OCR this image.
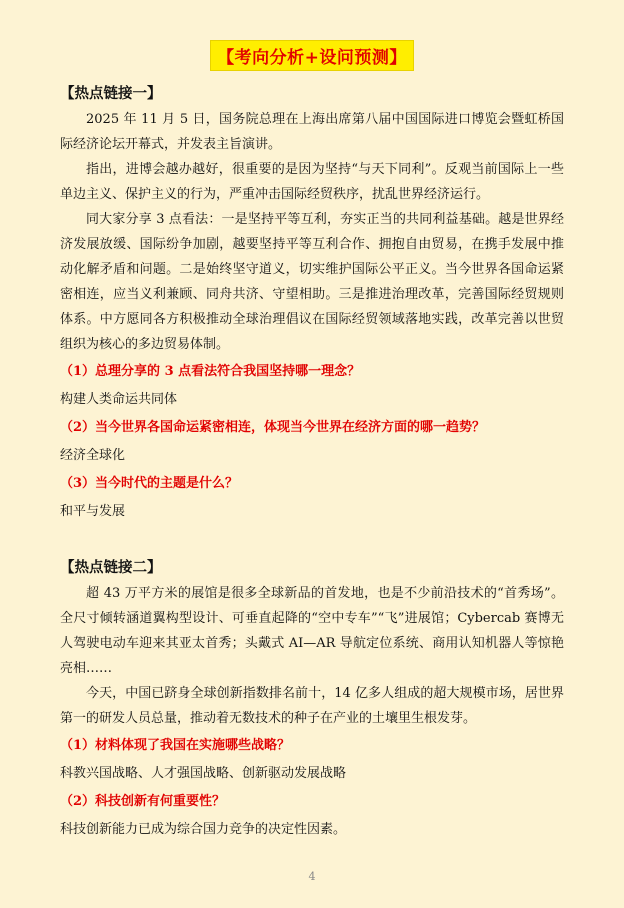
【考向分析+设问预测】

【热点链接一】

2025 年 11 月 5 日，国务院总理在上海出席第八届中国国际进口博览会暨虹桥国际经济论坛开幕式，并发表主旨演讲。

指出，进博会越办越好，很重要的是因为坚持“与天下同利”。反观当前国际上一些单边主义、保护主义的行为，严重冲击国际经贸秩序，扰乱世界经济运行。

同大家分享 3 点看法：一是坚持平等互利，夯实正当的共同利益基础。越是世界经济发展放缓、国际纷争加剧，越要坚持平等互利合作、拥抱自由贸易，在携手发展中推动化解矛盾和问题。二是始终坚守道义，切实维护国际公平正义。当今世界各国命运紧密相连，应当义利兼顾、同舟共济、守望相助。三是推进治理改革，完善国际经贸规则体系。中方愿同各方积极推动全球治理倡议在国际经贸领域落地实践，改革完善以世贸组织为核心的多边贸易体制。

（1）总理分享的 3 点看法符合我国坚持哪一理念？

构建人类命运共同体

（2）当今世界各国命运紧密相连，体现当今世界在经济方面的哪一趋势？

经济全球化

（3）当今时代的主题是什么？

和平与发展

【热点链接二】

超 43 万平方米的展馆是很多全球新品的首发地，也是不少前沿技术的“首秀场”。全尺寸倾转涵道翼构型设计、可垂直起降的“空中专车”“飞”进展馆；Cybercab 赛博无人驾驶电动车迎来其亚太首秀；头戴式 AI—AR 导航定位系统、商用认知机器人等惊艳亮相……

今天，中国已跻身全球创新指数排名前十，14 亿多人组成的超大规模市场，居世界第一的研发人员总量，推动着无数技术的种子在产业的土壤里生根发芽。

（1）材料体现了我国在实施哪些战略？

科教兴国战略、人才强国战略、创新驱动发展战略

（2）科技创新有何重要性？

科技创新能力已成为综合国力竞争的决定性因素。

4
